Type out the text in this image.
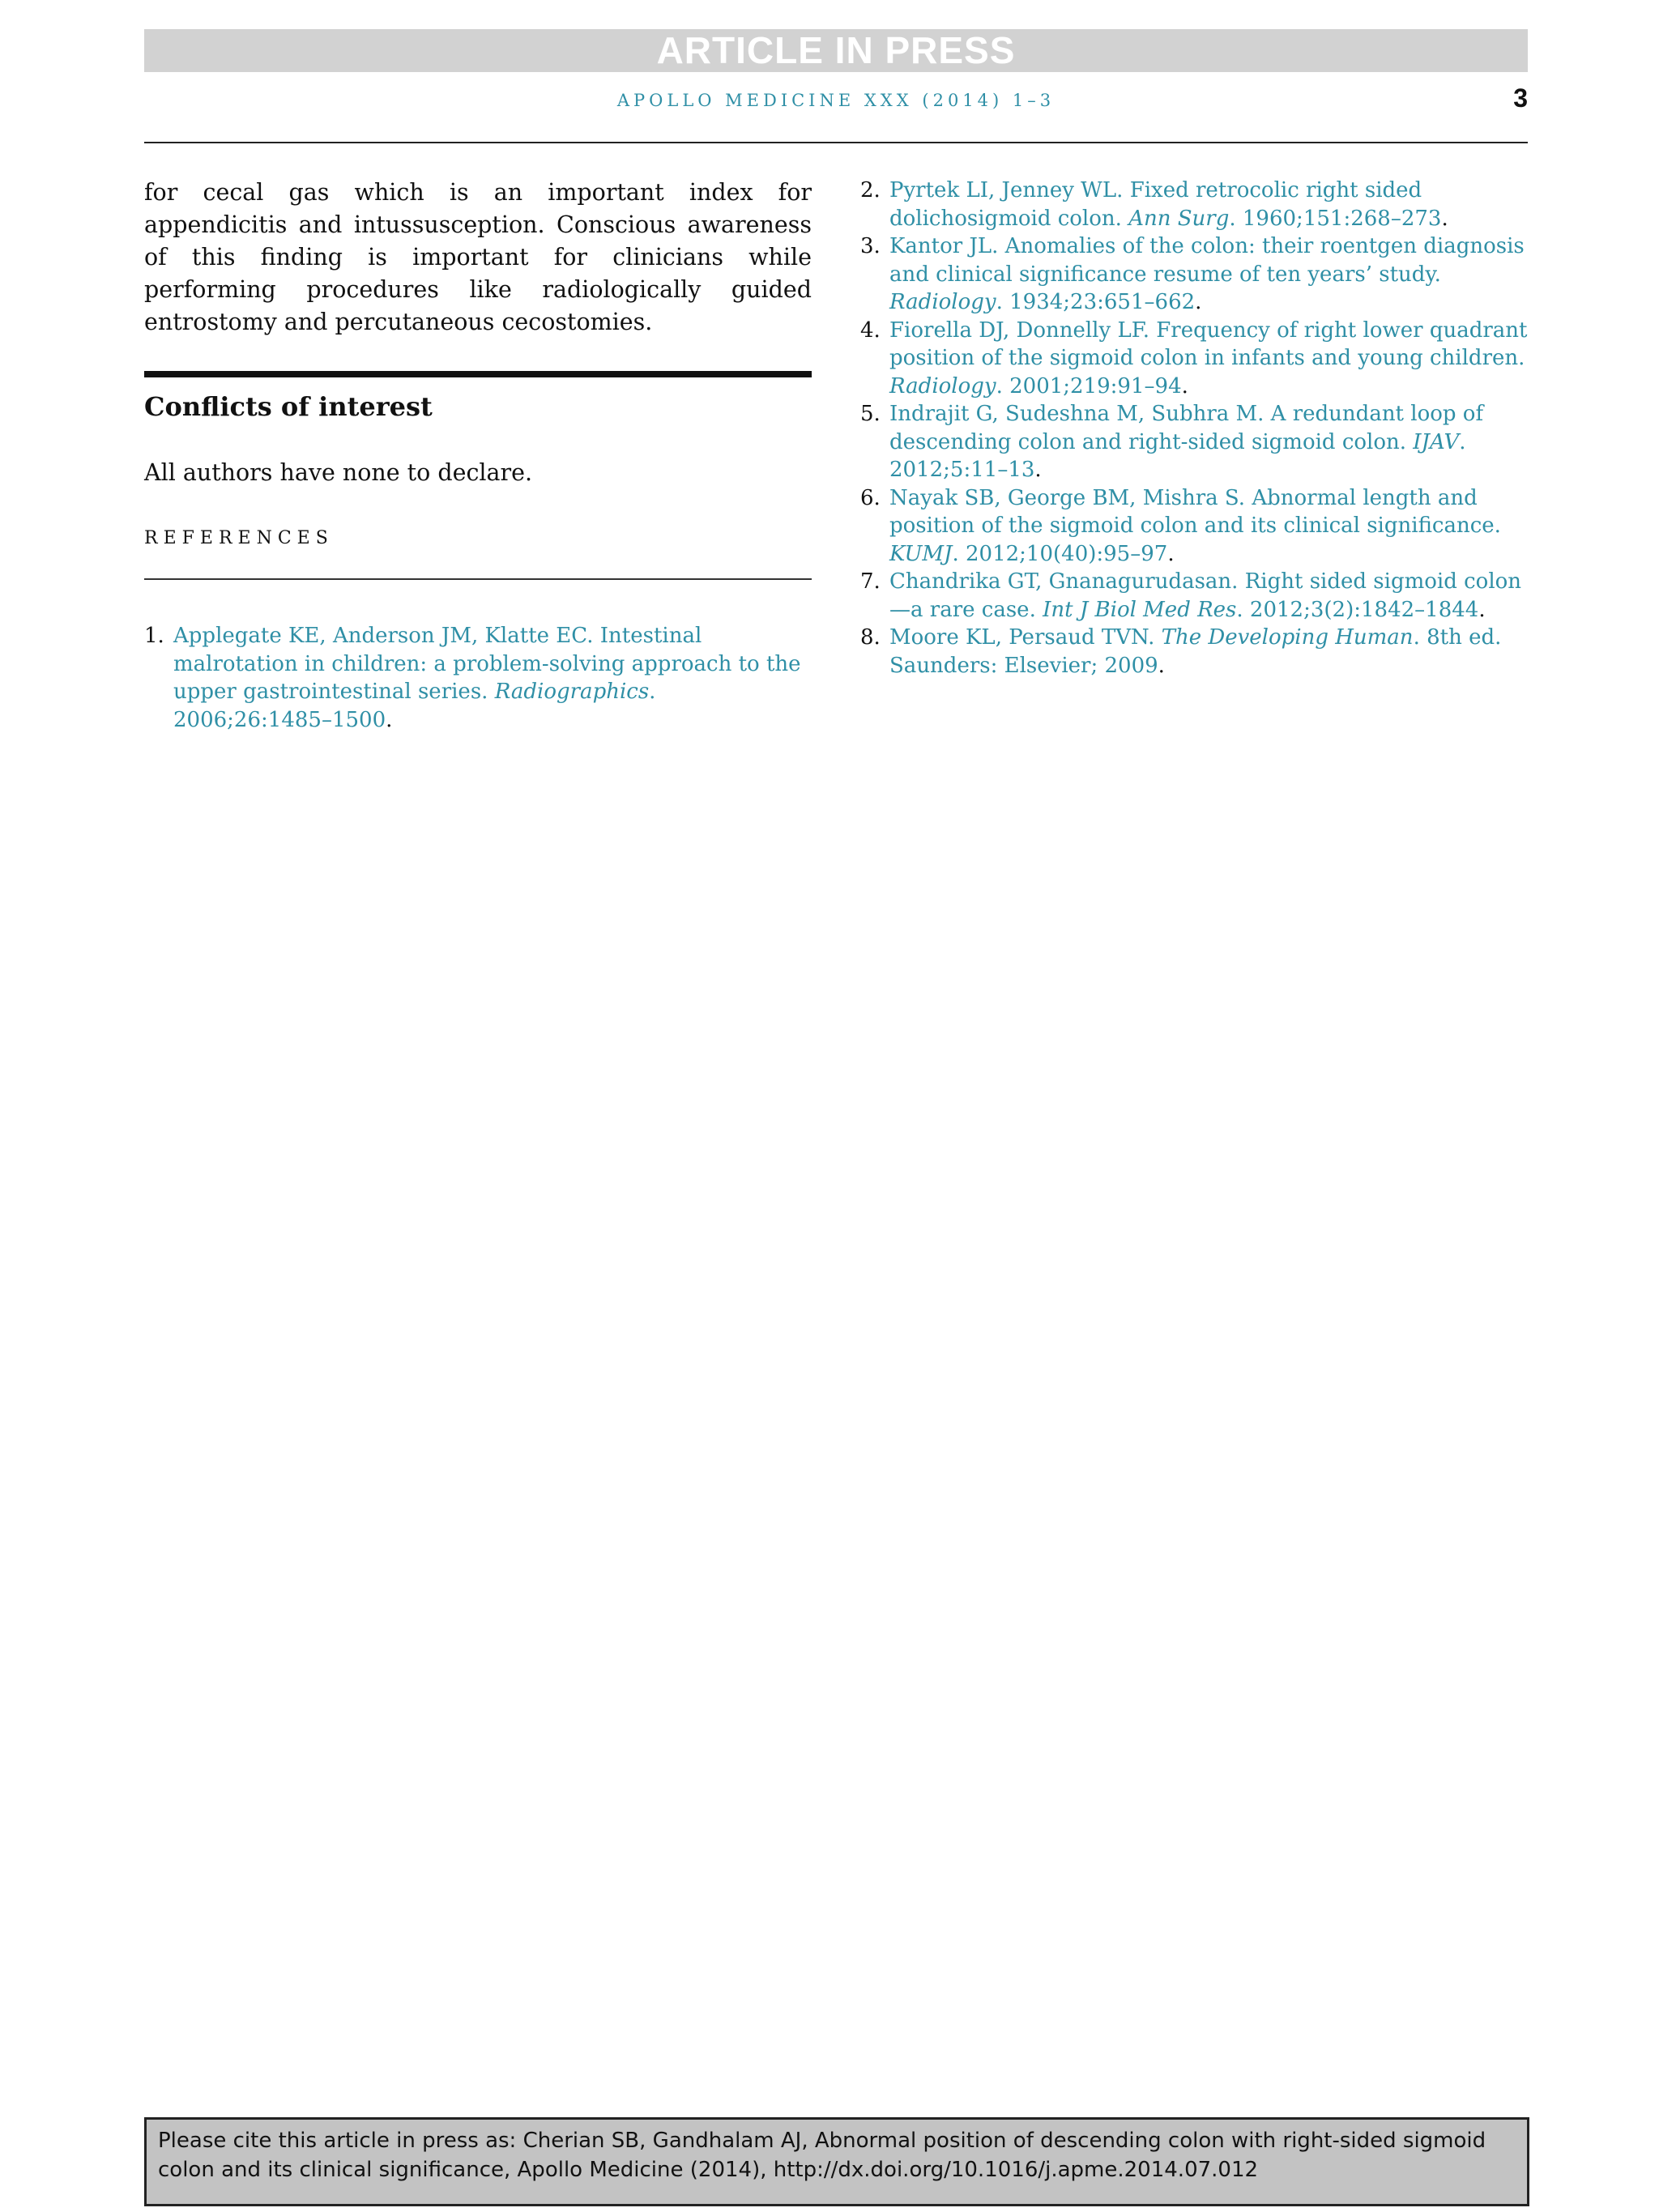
ARTICLE IN PRESS
APOLLO MEDICINE XXX (2014) 1–3	3

for cecal gas which is an important index for appendicitis and intussusception. Conscious awareness of this finding is important for clinicians while performing procedures like radiologically guided entrostomy and percutaneous cecostomies.

Conflicts of interest

All authors have none to declare.

REFERENCES
1. Applegate KE, Anderson JM, Klatte EC. Intestinal malrotation in children: a problem-solving approach to the upper gastrointestinal series. Radiographics. 2006;26:1485–1500.
2. Pyrtek LI, Jenney WL. Fixed retrocolic right sided dolichosigmoid colon. Ann Surg. 1960;151:268–273.
3. Kantor JL. Anomalies of the colon: their roentgen diagnosis and clinical significance resume of ten years’ study. Radiology. 1934;23:651–662.
4. Fiorella DJ, Donnelly LF. Frequency of right lower quadrant position of the sigmoid colon in infants and young children. Radiology. 2001;219:91–94.
5. Indrajit G, Sudeshna M, Subhra M. A redundant loop of descending colon and right-sided sigmoid colon. IJAV. 2012;5:11–13.
6. Nayak SB, George BM, Mishra S. Abnormal length and position of the sigmoid colon and its clinical significance. KUMJ. 2012;10(40):95–97.
7. Chandrika GT, Gnanagurudasan. Right sided sigmoid colon—a rare case. Int J Biol Med Res. 2012;3(2):1842–1844.
8. Moore KL, Persaud TVN. The Developing Human. 8th ed. Saunders: Elsevier; 2009.
Please cite this article in press as: Cherian SB, Gandhalam AJ, Abnormal position of descending colon with right-sided sigmoid colon and its clinical significance, Apollo Medicine (2014), http://dx.doi.org/10.1016/j.apme.2014.07.012
